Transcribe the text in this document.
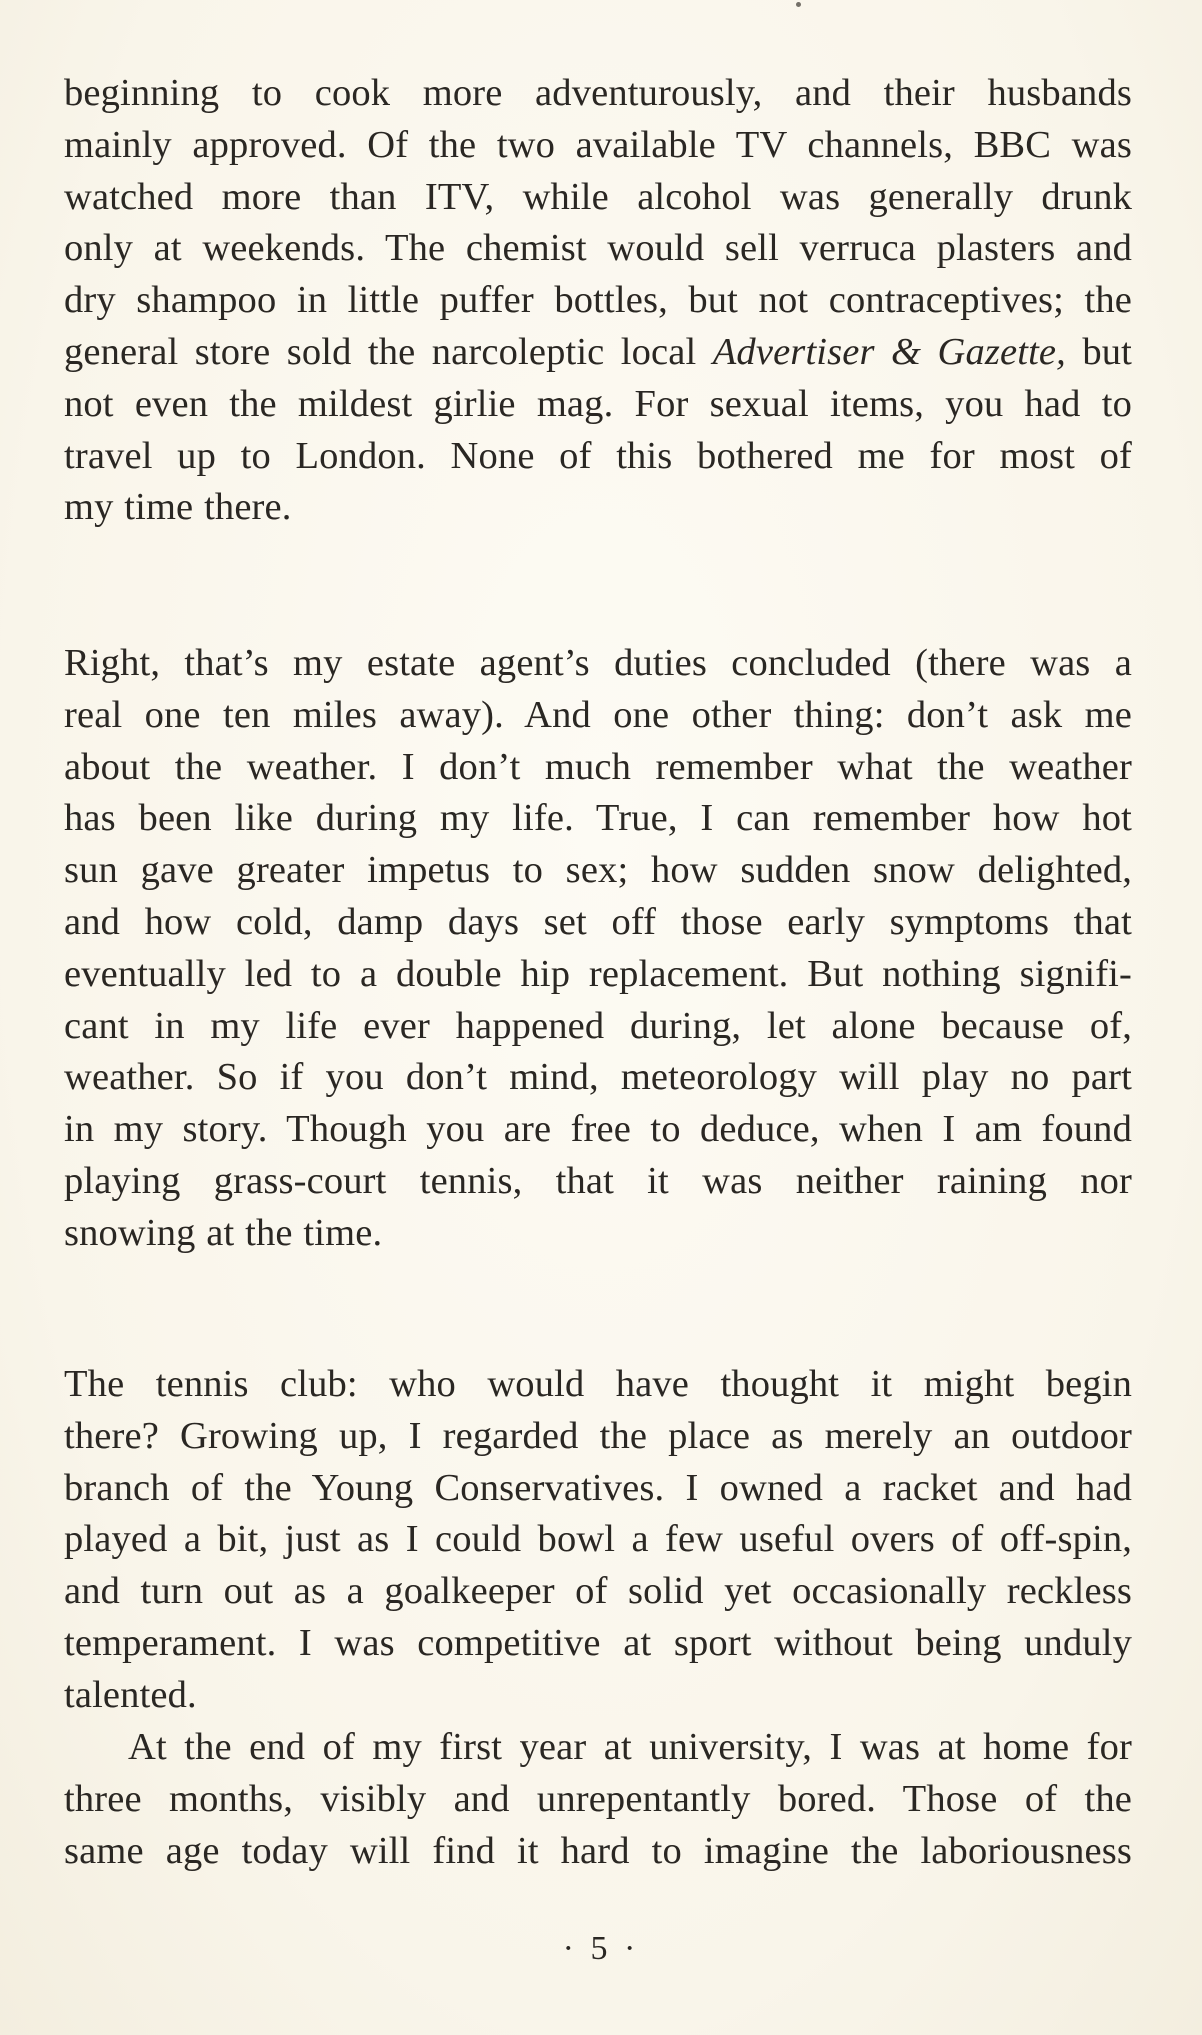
beginning to cook more adventurously, and their husbands
mainly approved. Of the two available TV channels, BBC was
watched more than ITV, while alcohol was generally drunk
only at weekends. The chemist would sell verruca plasters and
dry shampoo in little puffer bottles, but not contraceptives; the
general store sold the narcoleptic local Advertiser & Gazette, but
not even the mildest girlie mag. For sexual items, you had to
travel up to London. None of this bothered me for most of
my time there.
Right, that’s my estate agent’s duties concluded (there was a
real one ten miles away). And one other thing: don’t ask me
about the weather. I don’t much remember what the weather
has been like during my life. True, I can remember how hot
sun gave greater impetus to sex; how sudden snow delighted,
and how cold, damp days set off those early symptoms that
eventually led to a double hip replacement. But nothing signifi-
cant in my life ever happened during, let alone because of,
weather. So if you don’t mind, meteorology will play no part
in my story. Though you are free to deduce, when I am found
playing grass-court tennis, that it was neither raining nor
snowing at the time.
The tennis club: who would have thought it might begin
there? Growing up, I regarded the place as merely an outdoor
branch of the Young Conservatives. I owned a racket and had
played a bit, just as I could bowl a few useful overs of off-spin,
and turn out as a goalkeeper of solid yet occasionally reckless
temperament. I was competitive at sport without being unduly
talented.
At the end of my first year at university, I was at home for
three months, visibly and unrepentantly bored. Those of the
same age today will find it hard to imagine the laboriousness
· 5 ·
